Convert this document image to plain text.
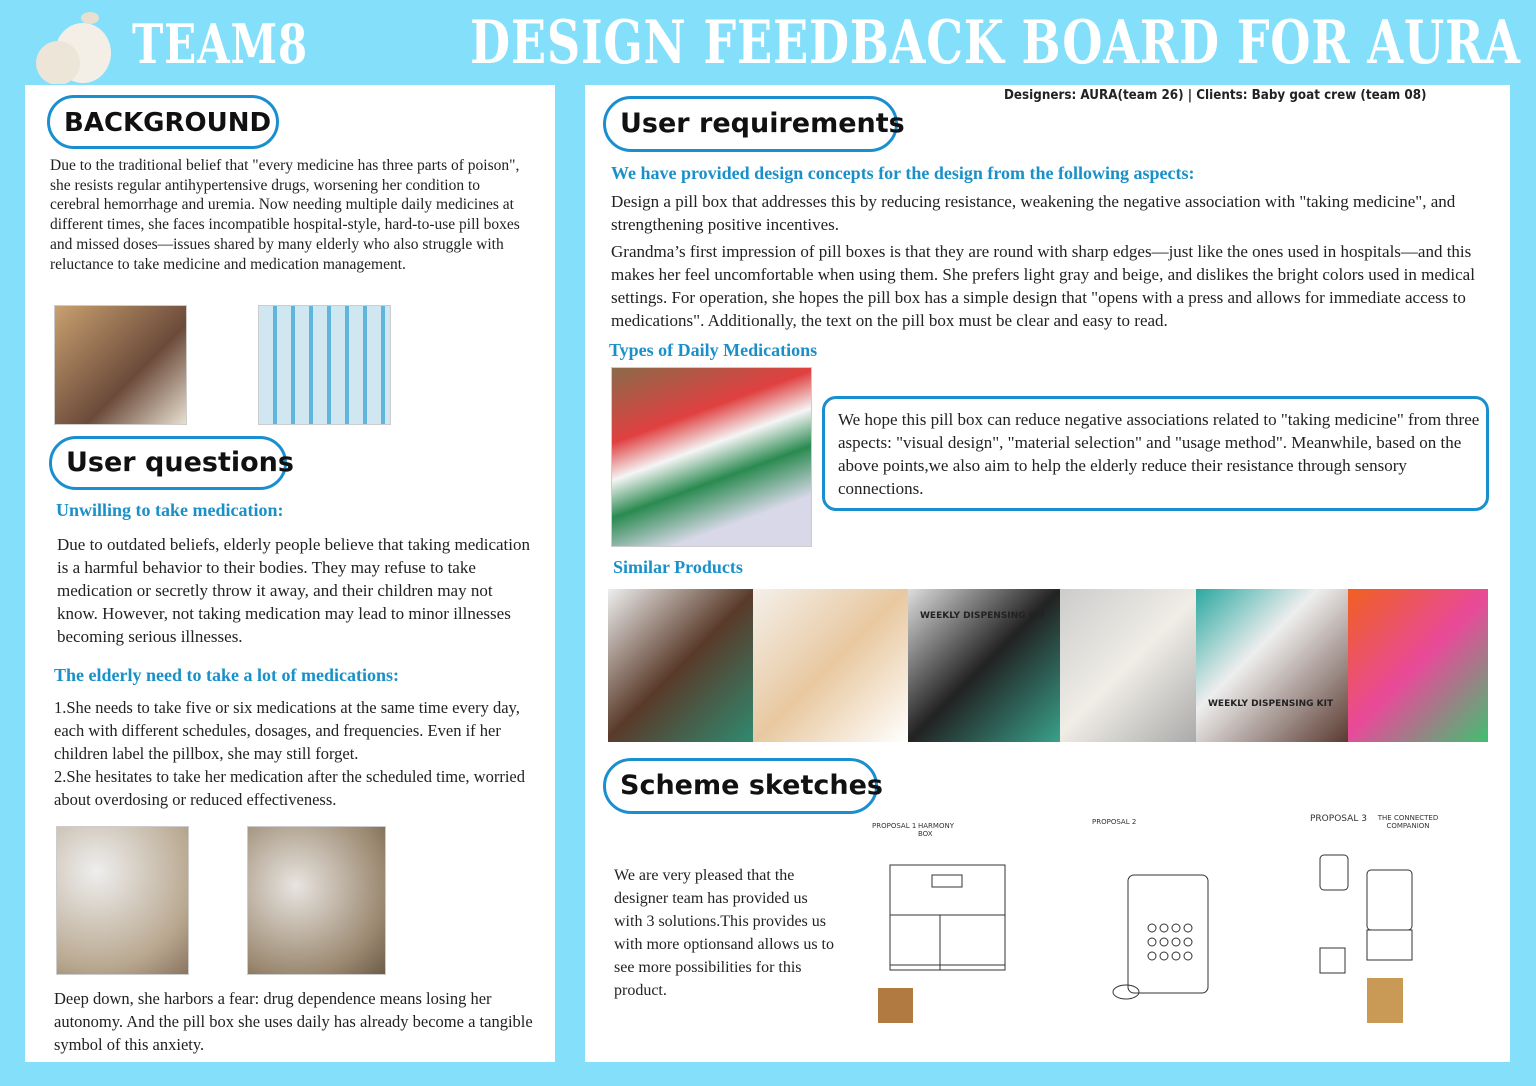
TEAM8	DESIGN FEEDBACK BOARD FOR AURA
BACKGROUND
Due to the traditional belief that "every medicine has three parts of poison", she resists regular antihypertensive drugs, worsening her condition to cerebral hemorrhage and uremia. Now needing multiple daily medicines at different times, she faces incompatible hospital-style, hard-to-use pill boxes and missed doses—issues shared by many elderly who also struggle with reluctance to take medicine and medication management.
User questions
Unwilling to take medication:
Due to outdated beliefs, elderly people believe that taking medication is a harmful behavior to their bodies. They may refuse to take medication or secretly throw it away, and their children may not know. However, not taking medication may lead to minor illnesses becoming serious illnesses.
The elderly need to take a lot of medications:
1.She needs to take five or six medications at the same time every day, each with different schedules, dosages, and frequencies. Even if her children label the pillbox, she may still forget.
2.She hesitates to take her medication after the scheduled time, worried about overdosing or reduced effectiveness.
Deep down, she harbors a fear: drug dependence means losing her autonomy. And the pill box she uses daily has already become a tangible symbol of this anxiety.
Designers: AURA(team 26) | Clients: Baby goat crew (team 08)
User requirements
We have provided design concepts for the design from the following aspects:
Design a pill box that addresses this by reducing resistance, weakening the negative association with "taking medicine", and strengthening positive incentives.
Grandma’s first impression of pill boxes is that they are round with sharp edges—just like the ones used in hospitals—and this makes her feel uncomfortable when using them. She prefers light gray and beige, and dislikes the bright colors used in medical settings. For operation, she hopes the pill box has a simple design that "opens with a press and allows for immediate access to medications". Additionally, the text on the pill box must be clear and easy to read.
Types of Daily Medications
We hope this pill box can reduce negative associations related to "taking medicine" from three aspects: "visual design", "material selection" and "usage method". Meanwhile, based on the above points,we also aim to help the elderly reduce their resistance through sensory connections.
Similar Products
WEEKLY DISPENSING KIT
WEEKLY DISPENSING KIT
Scheme sketches
We are very pleased that the designer team has provided us with 3 solutions.This provides us with more optionsand allows us to see more possibilities for this product.
PROPOSAL 1 HARMONY BOX
PROPOSAL 2	PROPOSAL 3	THE CONNECTED COMPANION
